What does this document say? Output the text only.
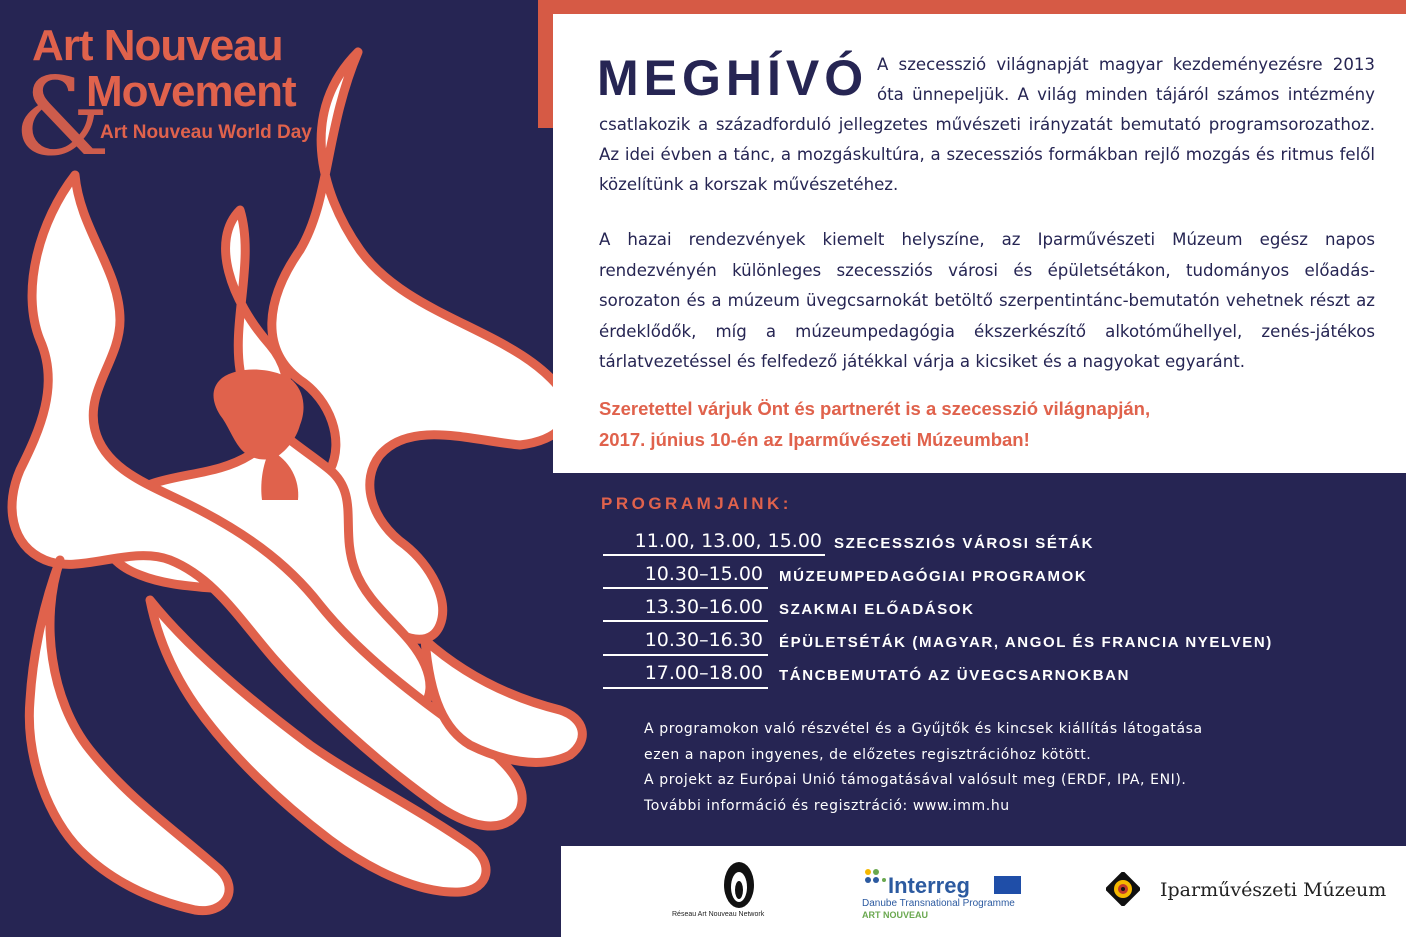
Art Nouveau
&
Movement
Art Nouveau World Day
MEGHÍVÓ A szecesszió világnapját magyar kezdeményezésre 2013 óta ünnepeljük. A világ minden tájáról számos intézmény csatlakozik a századforduló jellegzetes művészeti irányzatát bemutató programsorozathoz. Az idei évben a tánc, a mozgáskultúra, a szecessziós formákban rejlő mozgás és ritmus felől közelítünk a korszak művészetéhez.
A hazai rendezvények kiemelt helyszíne, az Iparművészeti Múzeum egész napos rendezvényén különleges szecessziós városi és épületsétákon, tudományos előadás-sorozaton és a múzeum üvegcsarnokát betöltő szerpentintánc-bemutatón vehetnek részt az érdeklődők, míg a múzeumpedagógia ékszerkészítő alkotóműhellyel, zenés-játékos tárlatvezetéssel és felfedező játékkal várja a kicsiket és a nagyokat egyaránt.
Szeretettel várjuk Önt és partnerét is a szecesszió világnapján,
2017. június 10-én az Iparművészeti Múzeumban!
PROGRAMJAINK:
11.00, 13.00, 15.00 SZECESSZIÓS VÁROSI SÉTÁK
10.30–15.00 MÚZEUMPEDAGÓGIAI PROGRAMOK
13.30–16.00 SZAKMAI ELŐADÁSOK
10.30–16.30 ÉPÜLETSÉTÁK (MAGYAR, ANGOL ÉS FRANCIA NYELVEN)
17.00–18.00 TÁNCBEMUTATÓ AZ ÜVEGCSARNOKBAN
A programokon való részvétel és a Gyűjtők és kincsek kiállítás látogatása
ezen a napon ingyenes, de előzetes regisztrációhoz kötött.
A projekt az Európai Unió támogatásával valósult meg (ERDF, IPA, ENI).
További információ és regisztráció: www.imm.hu
Réseau Art Nouveau Network
Interreg
Danube Transnational Programme
ART NOUVEAU
Iparművészeti Múzeum
